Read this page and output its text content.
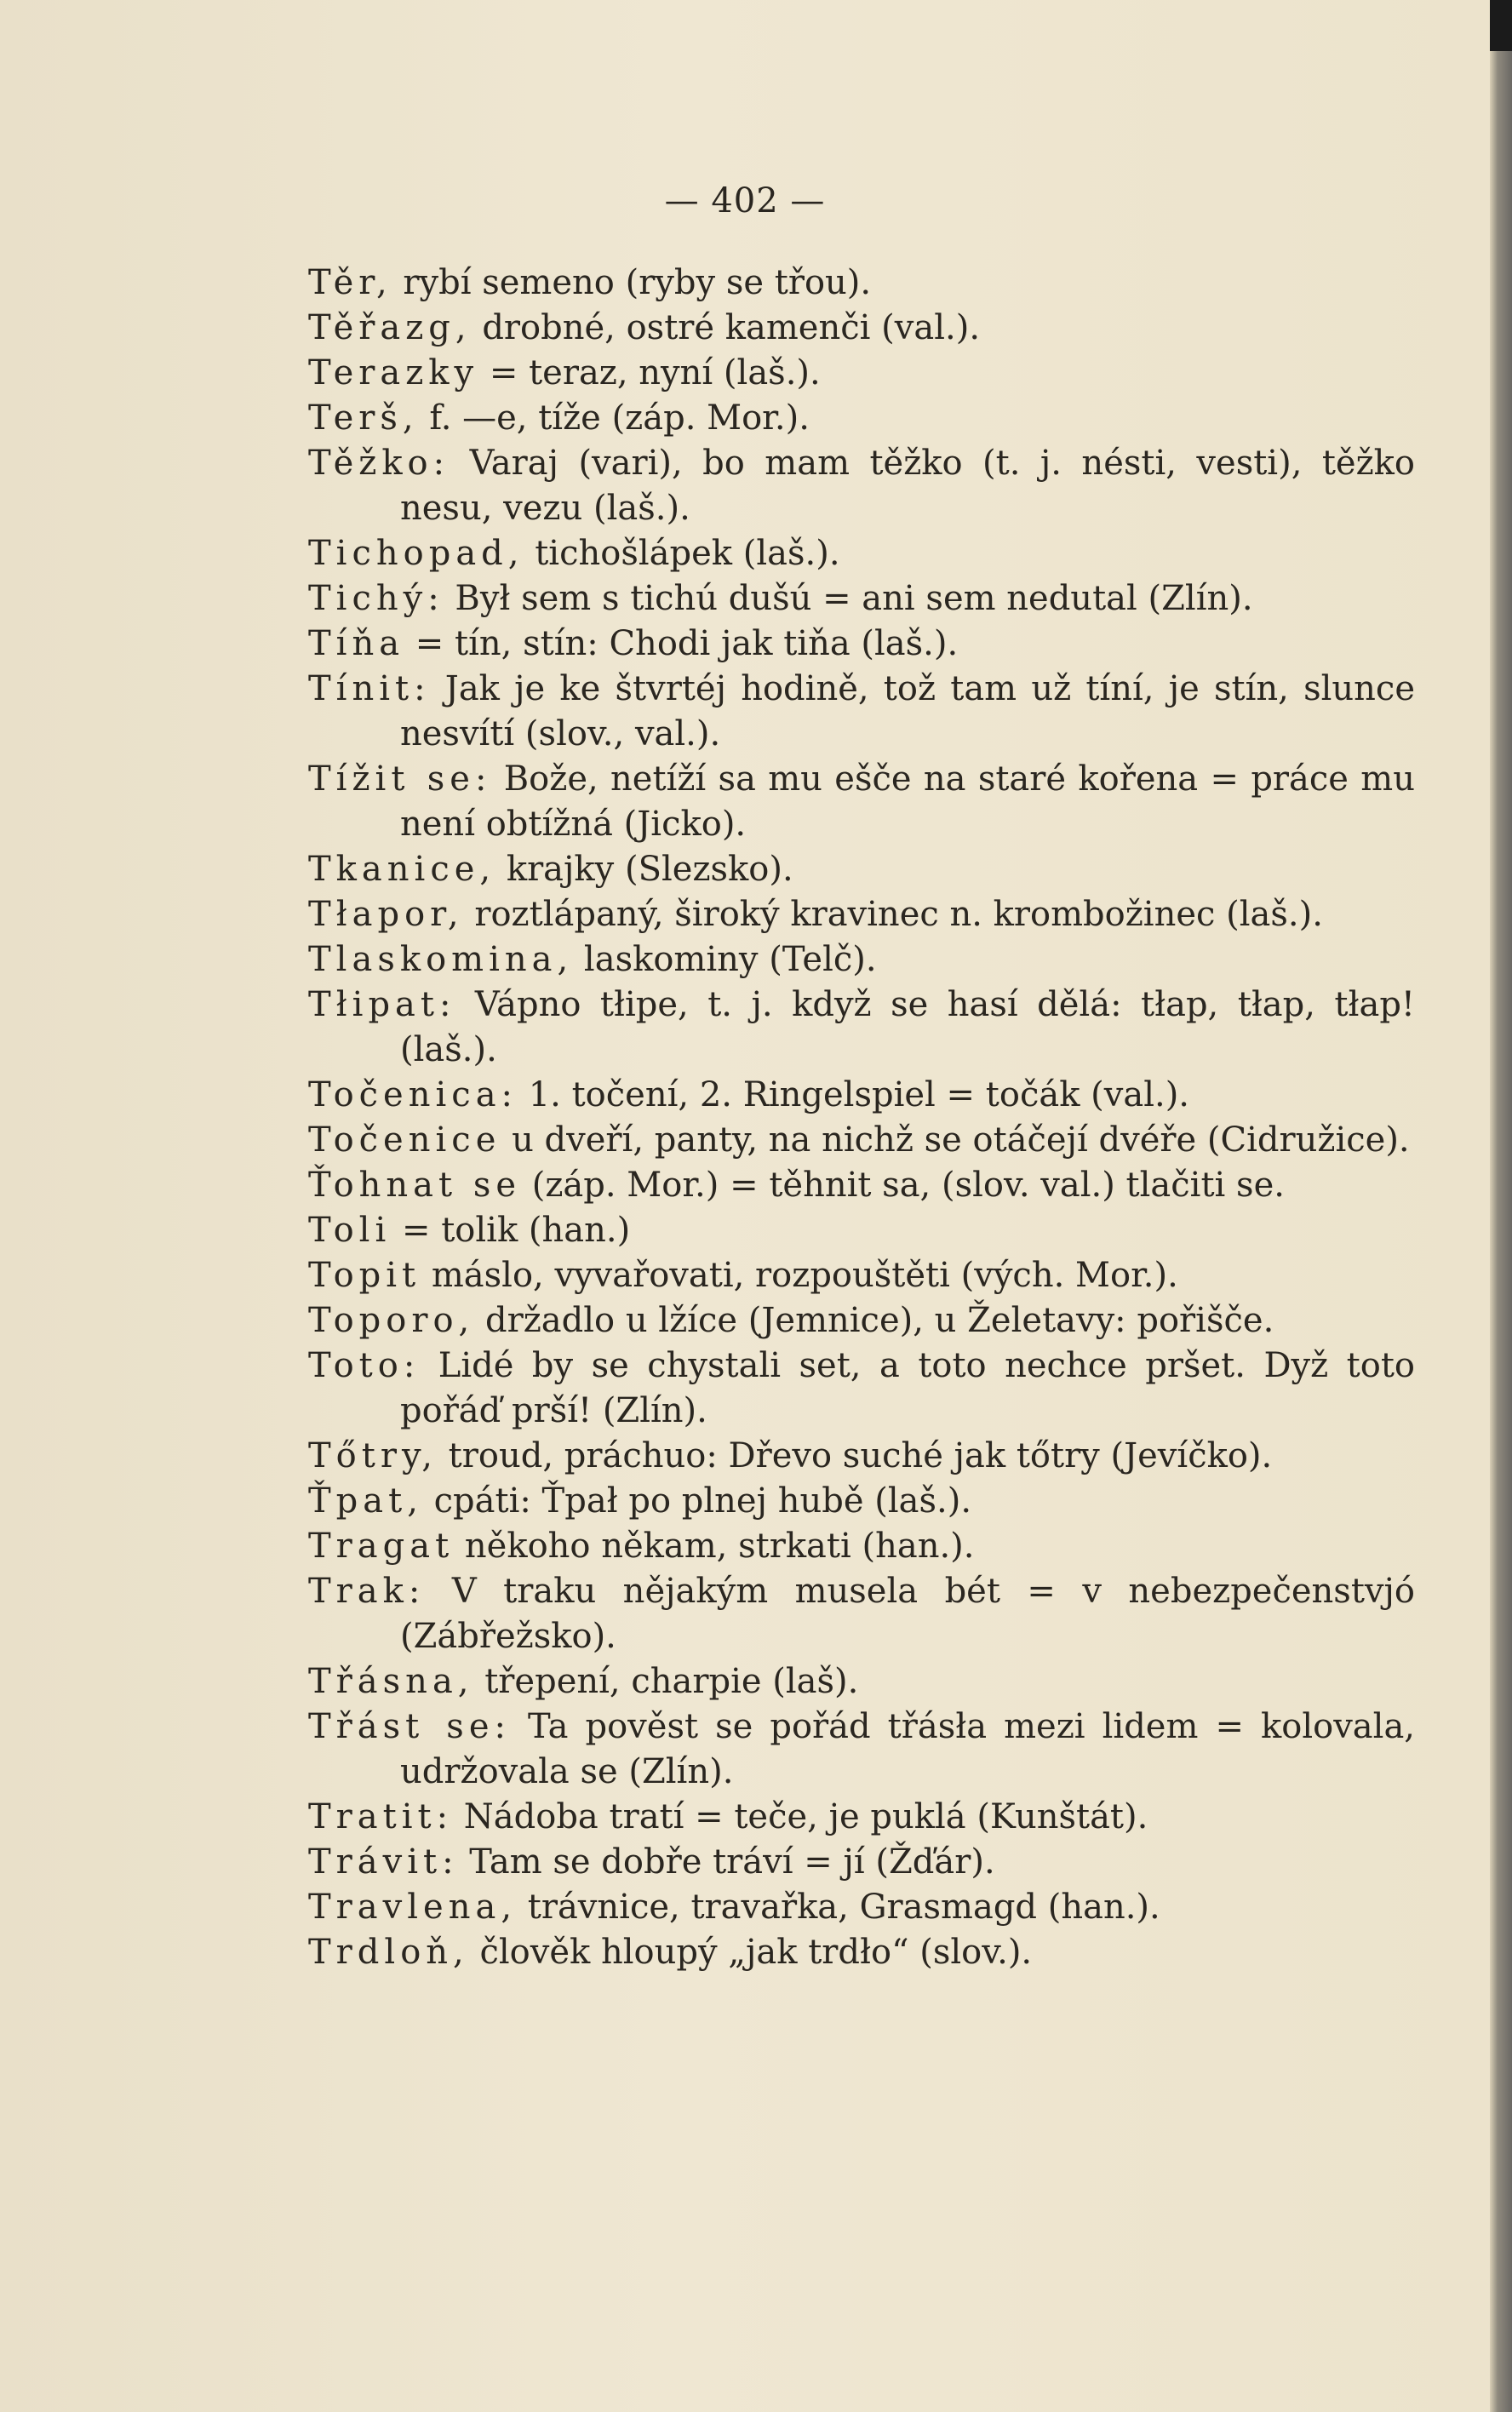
— 402 —
Těr, rybí semeno (ryby se třou).
Těřazg, drobné, ostré kamenči (val.).
Terazky = teraz, nyní (laš.).
Terš, f. —e, tíže (záp. Mor.).
Těžko: Varaj (vari), bo mam těžko (t. j. nésti, vesti), těžko nesu, vezu (laš.).
Tichopad, tichošlápek (laš.).
Tichý: Był sem s tichú dušú = ani sem nedutal (Zlín).
Tíňa = tín, stín: Chodi jak tiňa (laš.).
Tínit: Jak je ke štvrtéj hodině, tož tam už tíní, je stín, slunce nesvítí (slov., val.).
Tížit se: Bože, netíží sa mu ešče na staré kořena = práce mu není obtížná (Jicko).
Tkanice, krajky (Slezsko).
Tłapor, roztlápaný, široký kravinec n. krombožinec (laš.).
Tlaskomina, laskominy (Telč).
Tłipat: Vápno tłipe, t. j. když se hasí dělá: tłap, tłap, tłap! (laš.).
Točenica: 1. točení, 2. Ringelspiel = točák (val.).
Točenice u dveří, panty, na nichž se otáčejí dvéře (Cidružice).
Ťohnat se (záp. Mor.) = těhnit sa, (slov. val.) tlačiti se.
Toli = tolik (han.)
Topit máslo, vyvařovati, rozpouštěti (vých. Mor.).
Toporo, držadlo u lžíce (Jemnice), u Želetavy: pořišče.
Toto: Lidé by se chystali set, a toto nechce pršet. Dyž toto pořáď prší! (Zlín).
Tőtry, troud, práchuo: Dřevo suché jak tőtry (Jevíčko).
Ťpat, cpáti: Ťpał po plnej hubě (laš.).
Tragat někoho někam, strkati (han.).
Trak: V traku nějakým musela bét = v nebezpečenstvjó (Zábřežsko).
Třásna, třepení, charpie (laš).
Třást se: Ta pověst se pořád třásła mezi lidem = kolovala, udržovala se (Zlín).
Tratit: Nádoba tratí = teče, je puklá (Kunštát).
Trávit: Tam se dobře tráví = jí (Žďár).
Travlena, trávnice, travařka, Grasmagd (han.).
Trdloň, člověk hloupý „jak trdło“ (slov.).
